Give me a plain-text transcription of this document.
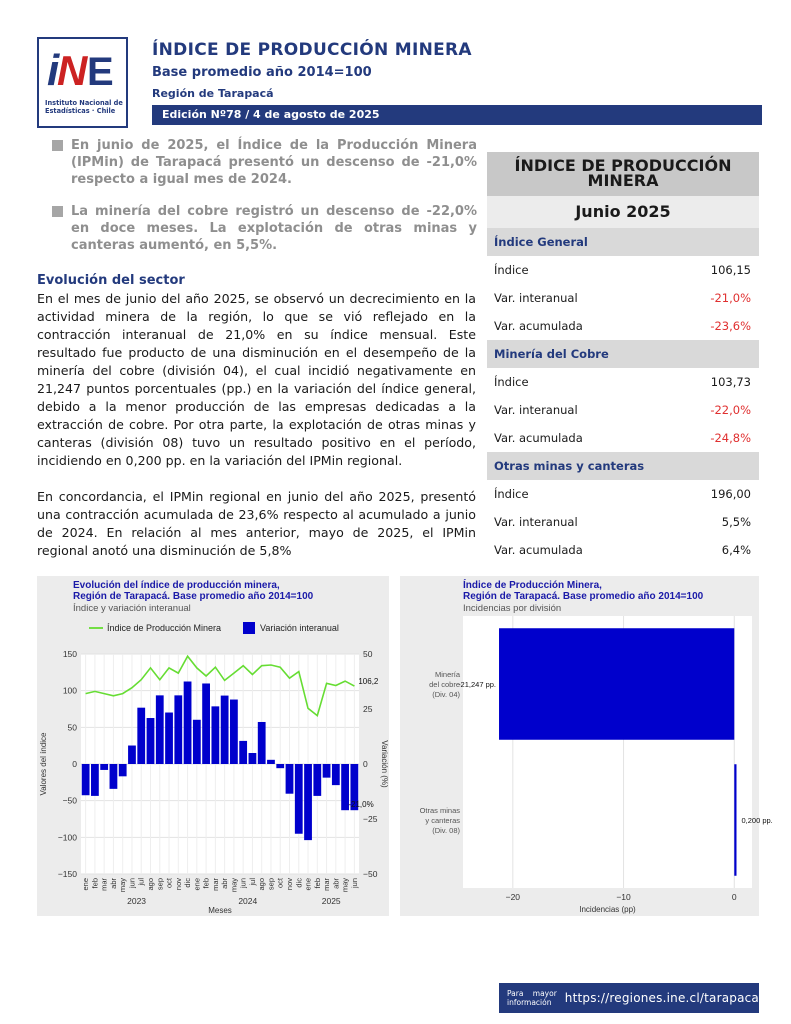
i
N E
Instituto Nacional de Estadísticas · Chile
ÍNDICE DE PRODUCCIÓN MINERA
Base promedio año 2014=100
Región de Tarapacá
Edición Nº78 / 4 de agosto de 2025
En junio de 2025, el Índice de la Producción Minera (IPMin) de Tarapacá presentó un descenso de -21,0% respecto a igual mes de 2024.
La minería del cobre registró un descenso de -22,0% en doce meses. La explotación de otras minas y canteras aumentó, en 5,5%.
Evolución del sector
En el mes de junio del año 2025, se observó un decrecimiento en la actividad minera de la región, lo que se vió reflejado en la contracción interanual de 21,0% en su índice mensual. Este resultado fue producto de una disminución en el desempeño de la minería del cobre (división 04), el cual incidió negativamente en 21,247 puntos porcentuales (pp.) en la variación del índice general, debido a la menor producción de las empresas dedicadas a la extracción de cobre. Por otra parte, la explotación de otras minas y canteras (división 08) tuvo un resultado positivo en el período, incidiendo en 0,200 pp. en la variación del IPMin regional.
En concordancia, el IPMin regional en junio del año 2025, presentó una contracción acumulada de 23,6% respecto al acumulado a junio de 2024. En relación al mes anterior, mayo de 2025, el IPMin regional anotó una disminución de 5,8%
ÍNDICE DE PRODUCCIÓN MINERA
Junio 2025
Índice General
Índice	106,15
Var. interanual	-21,0%
Var. acumulada	-23,6%
Minería del Cobre
Índice	103,73
Var. interanual	-22,0%
Var. acumulada	-24,8%
Otras minas y canteras
Índice	196,00
Var. interanual	5,5%
Var. acumulada	6,4%
Evolución del índice de producción minera,
Región de Tarapacá. Base promedio año 2014=100
Índice y variación interanual
−150
−100
−50
0
50
100
150
−50
−25
0
25
50
ene feb mar abr may jun jul ago sep oct nov dic ene feb mar abr may jun jul ago sep oct nov dic ene feb mar abr may jun
2023	2024	2025
Meses
Valores del índice	Variación (%)
106,2
-21,0%
Índice de Producción Minera	Variación interanual
Índice de Producción Minera,
Región de Tarapacá. Base promedio año 2014=100
Incidencias por división
-21,247 pp.
Minería del cobre (Div. 04)
0,200 pp.
Otras minas y canteras (Div. 08)
−20	−10	0
Incidencias (pp)
Para mayor información	https://regiones.ine.cl/tarapaca
